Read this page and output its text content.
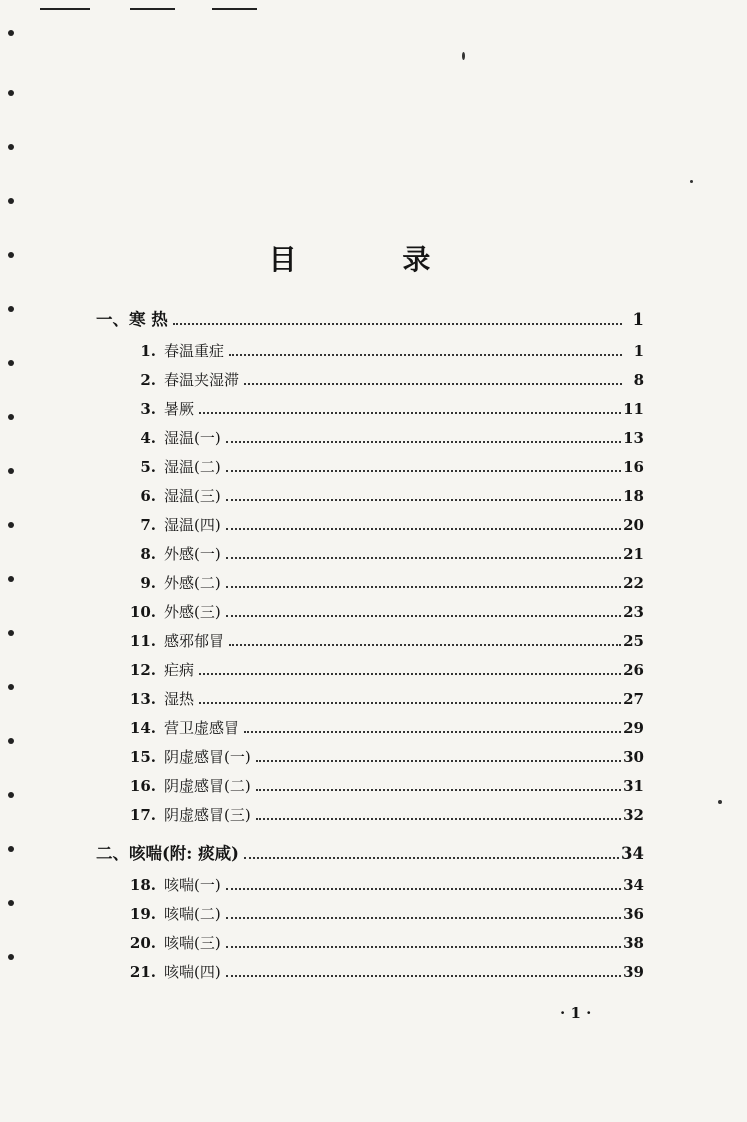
目 录
一、寒 热	1
1. 春温重症	1
2. 春温夹湿滞	8
3. 暑厥	11
4. 湿温(一)	13
5. 湿温(二)	16
6. 湿温(三)	18
7. 湿温(四)	20
8. 外感(一)	21
9. 外感(二)	22
10. 外感(三)	23
11. 感邪郁冒	25
12. 疟病	26
13. 湿热	27
14. 营卫虚感冒	29
15. 阴虚感冒(一)	30
16. 阴虚感冒(二)	31
17. 阴虚感冒(三)	32
二、咳喘(附: 痰咸)	34
18. 咳喘(一)	34
19. 咳喘(二)	36
20. 咳喘(三)	38
21. 咳喘(四)	39
· 1 ·
